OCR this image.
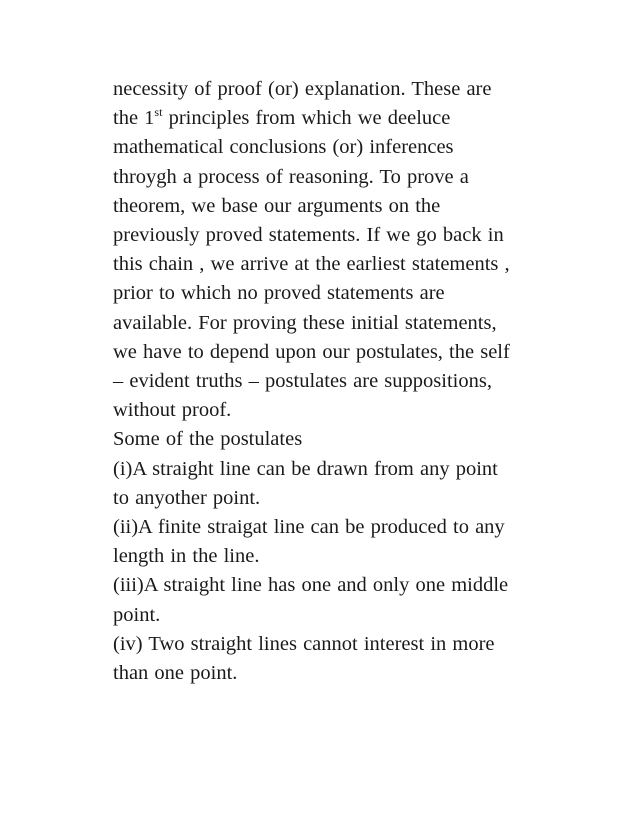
necessity of proof (or) explanation. These are
the 1st principles from which we deeluce
mathematical conclusions (or) inferences
throygh a process of reasoning. To prove a
theorem, we base our arguments on the
previously proved statements. If we go back in
this chain , we arrive at the earliest statements ,
prior to which no proved statements are
available. For proving these initial statements,
we have to depend upon our postulates, the self
– evident truths – postulates are suppositions,
without proof.
Some of the postulates
(i)A straight line can be drawn from any point
to anyother point.
(ii)A finite straigat line can be produced to any
length in the line.
(iii)A straight line has one and only one middle
point.
(iv) Two straight lines cannot interest in more
than one point.
